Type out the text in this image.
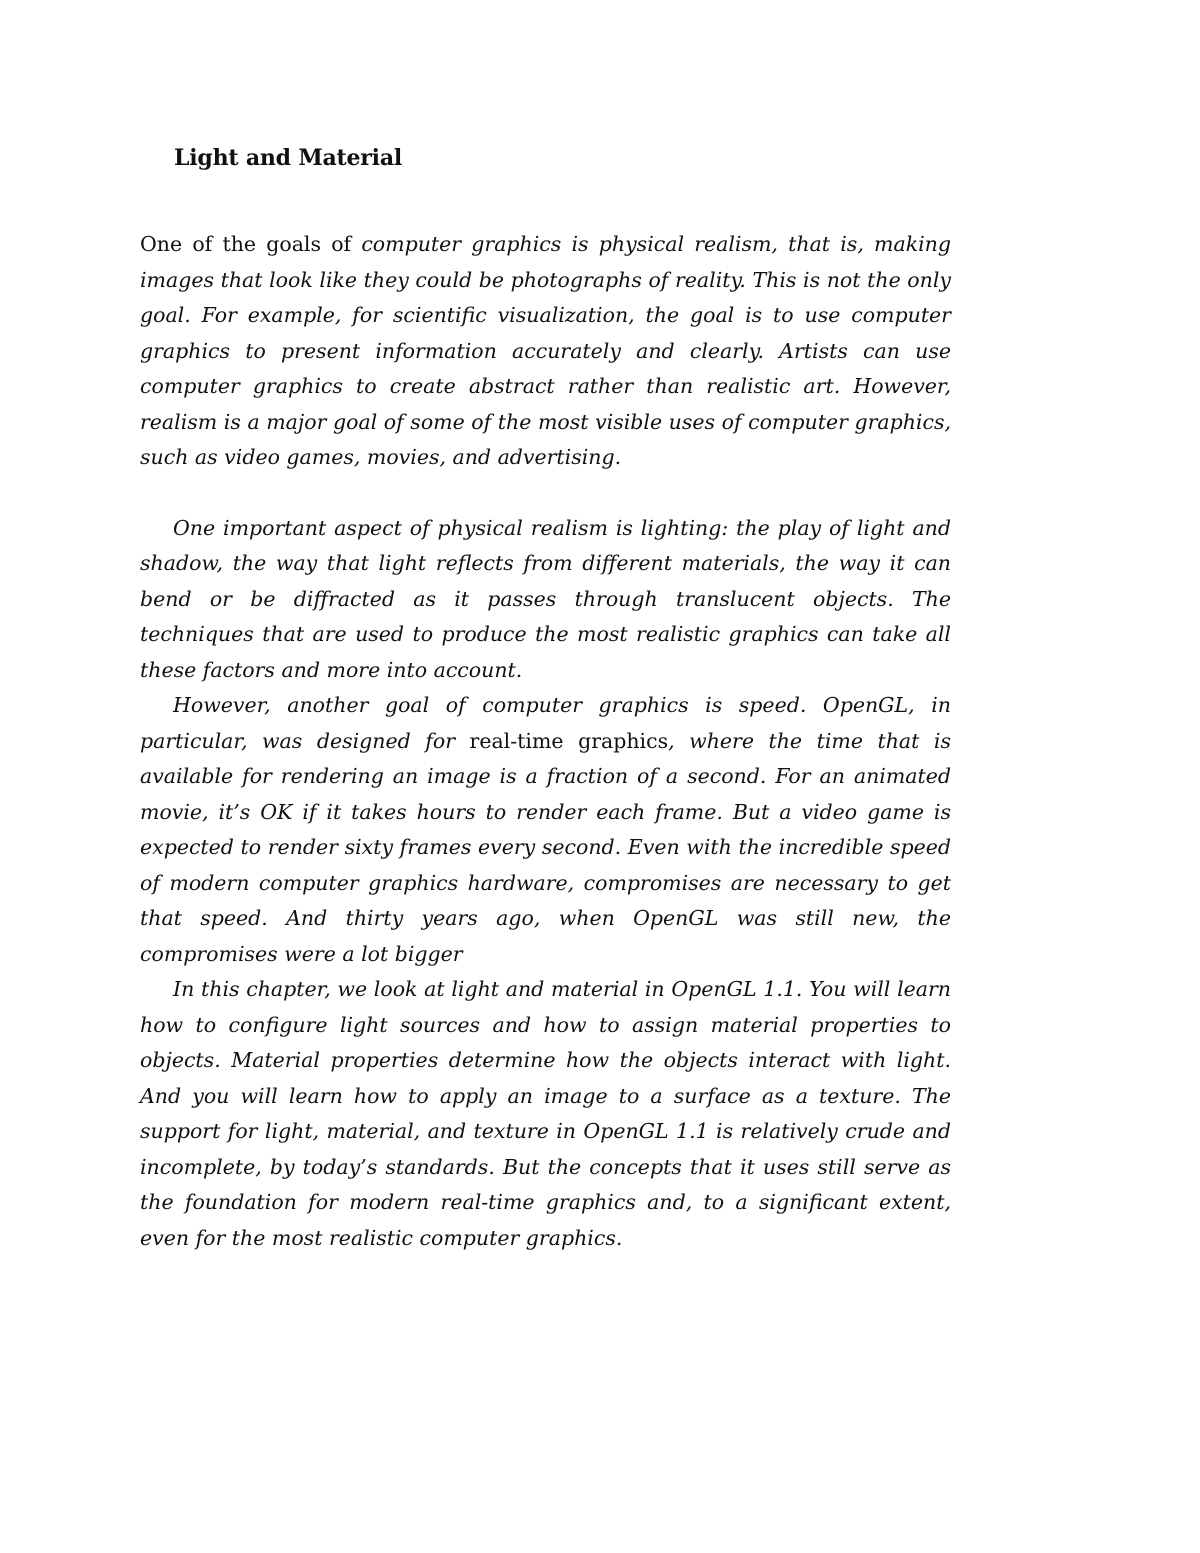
Light and Material

One of the goals of computer graphics is physical realism, that is, making images that look like they could be photographs of reality. This is not the only goal. For example, for scientific visualization, the goal is to use computer graphics to present information accurately and clearly. Artists can use computer graphics to create abstract rather than realistic art. However, realism is a major goal of some of the most visible uses of computer graphics, such as video games, movies, and advertising.

One important aspect of physical realism is lighting: the play of light and shadow, the way that light reflects from different materials, the way it can bend or be diffracted as it passes through translucent objects. The techniques that are used to produce the most realistic graphics can take all these factors and more into account.

However, another goal of computer graphics is speed. OpenGL, in particular, was designed for real-time graphics, where the time that is available for rendering an image is a fraction of a second. For an animated movie, it’s OK if it takes hours to render each frame. But a video game is expected to render sixty frames every second. Even with the incredible speed of modern computer graphics hardware, compromises are necessary to get that speed. And thirty years ago, when OpenGL was still new, the compromises were a lot bigger

In this chapter, we look at light and material in OpenGL 1.1. You will learn how to configure light sources and how to assign material properties to objects. Material properties determine how the objects interact with light. And you will learn how to apply an image to a surface as a texture. The support for light, material, and texture in OpenGL 1.1 is relatively crude and incomplete, by today’s standards. But the concepts that it uses still serve as the foundation for modern real-time graphics and, to a significant extent, even for the most realistic computer graphics.
